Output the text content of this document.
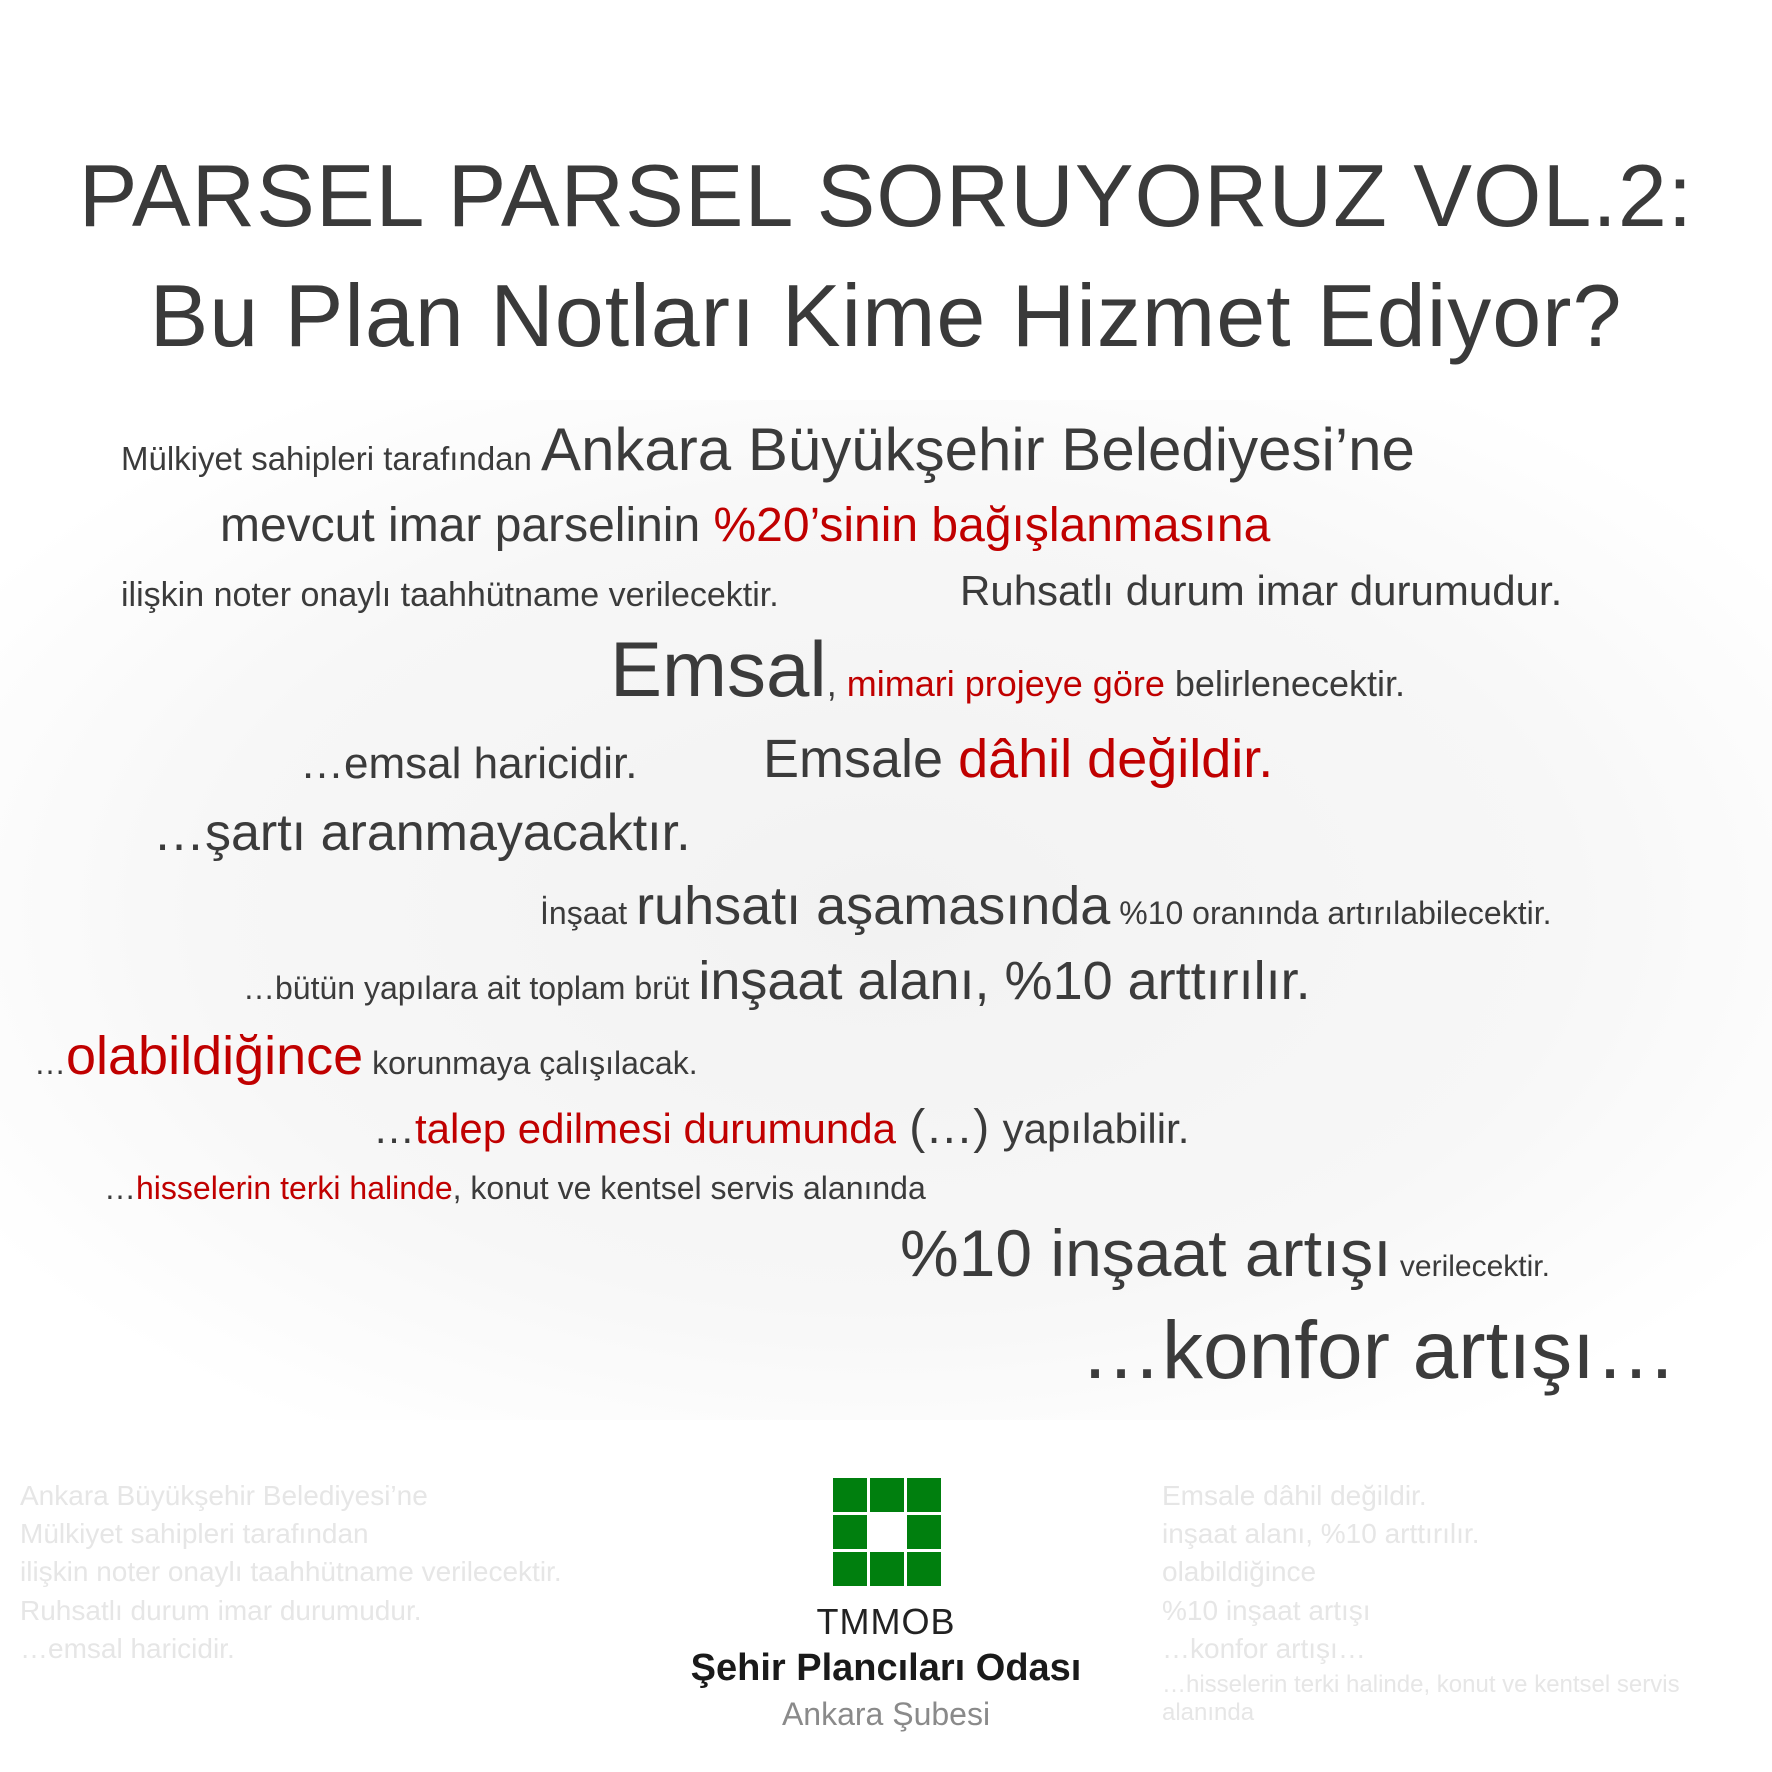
PARSEL PARSEL SORUYORUZ VOL.2:
Bu Plan Notları Kime Hizmet Ediyor?
Mülkiyet sahipleri tarafından Ankara Büyükşehir Belediyesi’ne
mevcut imar parselinin %20’sinin bağışlanmasına
ilişkin noter onaylı taahhütname verilecektir.	Ruhsatlı durum imar durumudur.
Emsal, mimari projeye göre belirlenecektir.
…emsal haricidir. Emsale dâhil değildir.
…şartı aranmayacaktır.
İnşaat ruhsatı aşamasında %10 oranında artırılabilecektir.
…bütün yapılara ait toplam brüt inşaat alanı, %10 arttırılır.
…olabildiğince korunmaya çalışılacak.
…talep edilmesi durumunda (…) yapılabilir.
…hisselerin terki halinde, konut ve kentsel servis alanında
%10 inşaat artışı verilecektir.
…konfor artışı…
Ankara Büyükşehir Belediyesi’ne
Mülkiyet sahipleri tarafından
ilişkin noter onaylı taahhütname verilecektir.
Ruhsatlı durum imar durumudur.
…emsal haricidir.
Emsale dâhil değildir.
inşaat alanı, %10 arttırılır.
olabildiğince
%10 inşaat artışı
…konfor artışı…
…hisselerin terki halinde, konut ve kentsel servis alanında
TMMOB
Şehir Plancıları Odası
Ankara Şubesi
